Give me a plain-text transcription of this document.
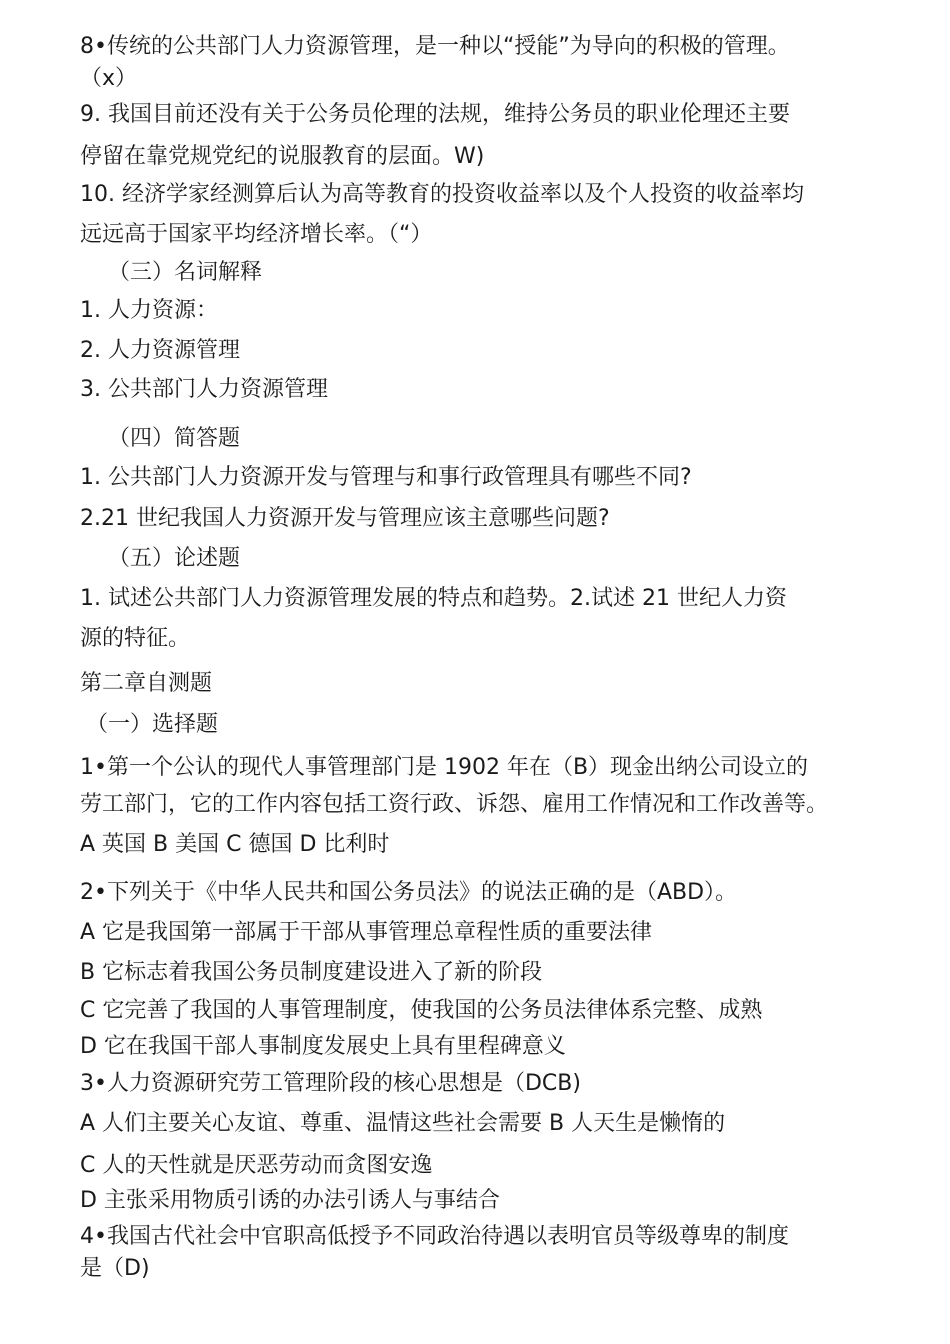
8•传统的公共部门人力资源管理，是一种以“授能”为导向的积极的管理。
（x）
9. 我国目前还没有关于公务员伦理的法规，维持公务员的职业伦理还主要
停留在靠党规党纪的说服教育的层面。W)
10. 经济学家经测算后认为高等教育的投资收益率以及个人投资的收益率均
远远高于国家平均经济增长率。（“）
（三）名词解释
1. 人力资源：
2. 人力资源管理
3. 公共部门人力资源管理
（四）简答题
1. 公共部门人力资源开发与管理与和事行政管理具有哪些不同?
2.21 世纪我国人力资源开发与管理应该主意哪些问题?
（五）论述题
1. 试述公共部门人力资源管理发展的特点和趋势。2.试述 21 世纪人力资
源的特征。
第二章自测题
（一）选择题
1•第一个公认的现代人事管理部门是 1902 年在（B）现金出纳公司设立的
劳工部门，它的工作内容包括工资行政、诉怨、雇用工作情况和工作改善等。
A 英国 B 美国 C 德国 D 比利时
2•下列关于《中华人民共和国公务员法》的说法正确的是（ABD）。
A 它是我国第一部属于干部从事管理总章程性质的重要法律
B 它标志着我国公务员制度建设进入了新的阶段
C 它完善了我国的人事管理制度，使我国的公务员法律体系完整、成熟
D 它在我国干部人事制度发展史上具有里程碑意义
3•人力资源研究劳工管理阶段的核心思想是（DCB)
A 人们主要关心友谊、尊重、温情这些社会需要 B 人天生是懒惰的
C 人的天性就是厌恶劳动而贪图安逸
D 主张采用物质引诱的办法引诱人与事结合
4•我国古代社会中官职高低授予不同政治待遇以表明官员等级尊卑的制度
是（D)
